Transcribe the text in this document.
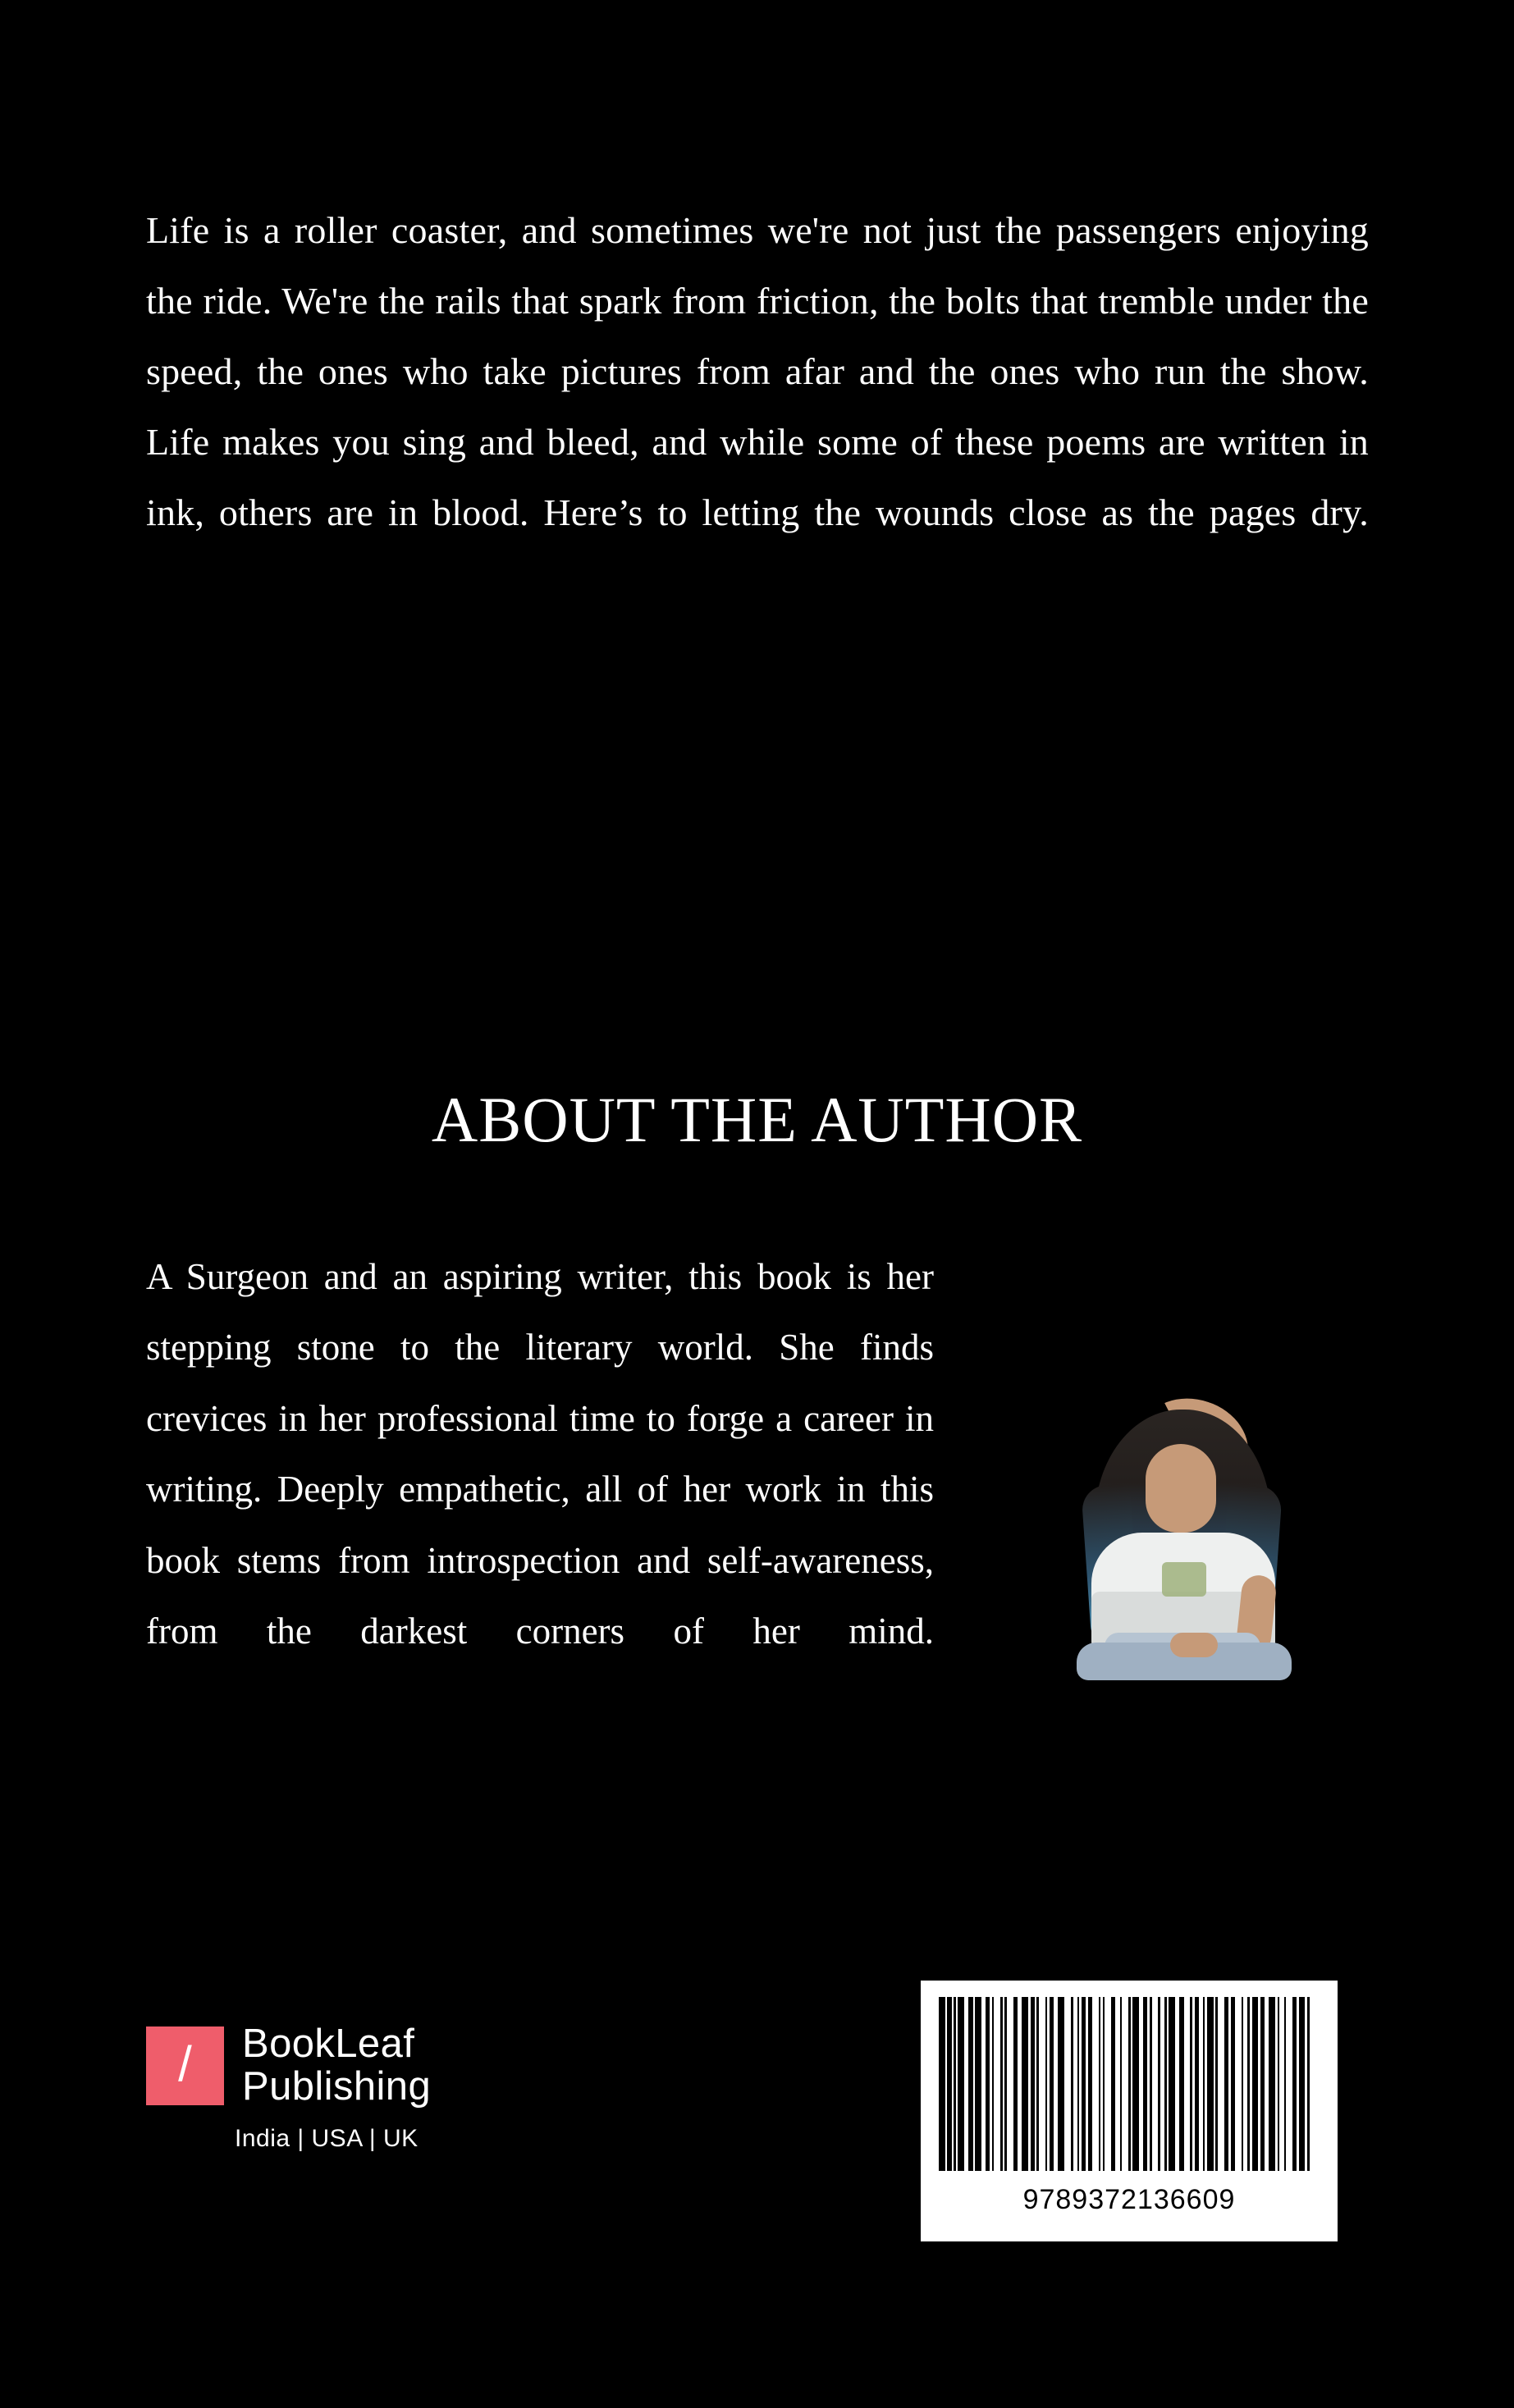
Life is a roller coaster, and sometimes we're not just the passengers enjoying the ride. We're the rails that spark from friction, the bolts that tremble under the speed, the ones who take pictures from afar and the ones who run the show. Life makes you sing and bleed, and while some of these poems are written in ink, others are in blood. Here’s to letting the wounds close as the pages dry.
ABOUT THE AUTHOR
A Surgeon and an aspiring writer, this book is her stepping stone to the literary world. She finds crevices in her professional time to forge a career in writing. Deeply empathetic, all of her work in this book stems from introspection and self-awareness, from the darkest corners of her mind.
/ BookLeaf
Publishing
India | USA | UK
9789372136609
